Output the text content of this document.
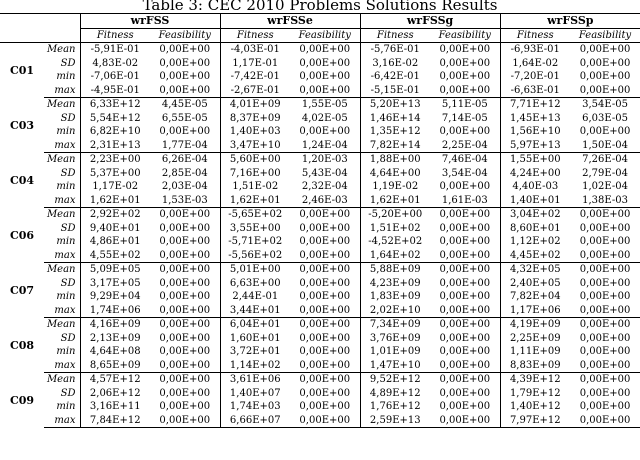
Table 3: CEC 2010 Problems Solutions Results
		wrFSS		wrFSSe		wrFSSg		wrFSSp	
		Fitness	Feasibility	Fitness	Feasibility	Fitness	Feasibility	Fitness	Feasibility
C01	Mean	-5,91E-01	0,00E+00	-4,03E-01	0,00E+00	-5,76E-01	0,00E+00	-6,93E-01	0,00E+00
	SD	4,83E-02	0,00E+00	1,17E-01	0,00E+00	3,16E-02	0,00E+00	1,64E-02	0,00E+00
	min	-7,06E-01	0,00E+00	-7,42E-01	0,00E+00	-6,42E-01	0,00E+00	-7,20E-01	0,00E+00
	max	-4,95E-01	0,00E+00	-2,67E-01	0,00E+00	-5,15E-01	0,00E+00	-6,63E-01	0,00E+00
C03	Mean	6,33E+12	4,45E-05	4,01E+09	1,55E-05	5,20E+13	5,11E-05	7,71E+12	3,54E-05
	SD	5,54E+12	6,55E-05	8,37E+09	4,02E-05	1,46E+14	7,14E-05	1,45E+13	6,03E-05
	min	6,82E+10	0,00E+00	1,40E+03	0,00E+00	1,35E+12	0,00E+00	1,56E+10	0,00E+00
	max	2,31E+13	1,77E-04	3,47E+10	1,24E-04	7,82E+14	2,25E-04	5,97E+13	1,50E-04
C04	Mean	2,23E+00	6,26E-04	5,60E+00	1,20E-03	1,88E+00	7,46E-04	1,55E+00	7,26E-04
	SD	5,37E+00	2,85E-04	7,16E+00	5,43E-04	4,64E+00	3,54E-04	4,24E+00	2,79E-04
	min	1,17E-02	2,03E-04	1,51E-02	2,32E-04	1,19E-02	0,00E+00	4,40E-03	1,02E-04
	max	1,62E+01	1,53E-03	1,62E+01	2,46E-03	1,62E+01	1,61E-03	1,40E+01	1,38E-03
C06	Mean	2,92E+02	0,00E+00	-5,65E+02	0,00E+00	-5,20E+00	0,00E+00	3,04E+02	0,00E+00
	SD	9,40E+01	0,00E+00	3,55E+00	0,00E+00	1,51E+02	0,00E+00	8,60E+01	0,00E+00
	min	4,86E+01	0,00E+00	-5,71E+02	0,00E+00	-4,52E+02	0,00E+00	1,12E+02	0,00E+00
	max	4,55E+02	0,00E+00	-5,56E+02	0,00E+00	1,64E+02	0,00E+00	4,45E+02	0,00E+00
C07	Mean	5,09E+05	0,00E+00	5,01E+00	0,00E+00	5,88E+09	0,00E+00	4,32E+05	0,00E+00
	SD	3,17E+05	0,00E+00	6,63E+00	0,00E+00	4,23E+09	0,00E+00	2,40E+05	0,00E+00
	min	9,29E+04	0,00E+00	2,44E-01	0,00E+00	1,83E+09	0,00E+00	7,82E+04	0,00E+00
	max	1,74E+06	0,00E+00	3,44E+01	0,00E+00	2,02E+10	0,00E+00	1,17E+06	0,00E+00
C08	Mean	4,16E+09	0,00E+00	6,04E+01	0,00E+00	7,34E+09	0,00E+00	4,19E+09	0,00E+00
	SD	2,13E+09	0,00E+00	1,60E+01	0,00E+00	3,76E+09	0,00E+00	2,25E+09	0,00E+00
	min	4,64E+08	0,00E+00	3,72E+01	0,00E+00	1,01E+09	0,00E+00	1,11E+09	0,00E+00
	max	8,65E+09	0,00E+00	1,14E+02	0,00E+00	1,47E+10	0,00E+00	8,83E+09	0,00E+00
C09	Mean	4,57E+12	0,00E+00	3,61E+06	0,00E+00	9,52E+12	0,00E+00	4,39E+12	0,00E+00
	SD	2,06E+12	0,00E+00	1,40E+07	0,00E+00	4,89E+12	0,00E+00	1,79E+12	0,00E+00
	min	3,16E+11	0,00E+00	1,74E+03	0,00E+00	1,76E+12	0,00E+00	1,40E+12	0,00E+00
	max	7,84E+12	0,00E+00	6,66E+07	0,00E+00	2,59E+13	0,00E+00	7,97E+12	0,00E+00
